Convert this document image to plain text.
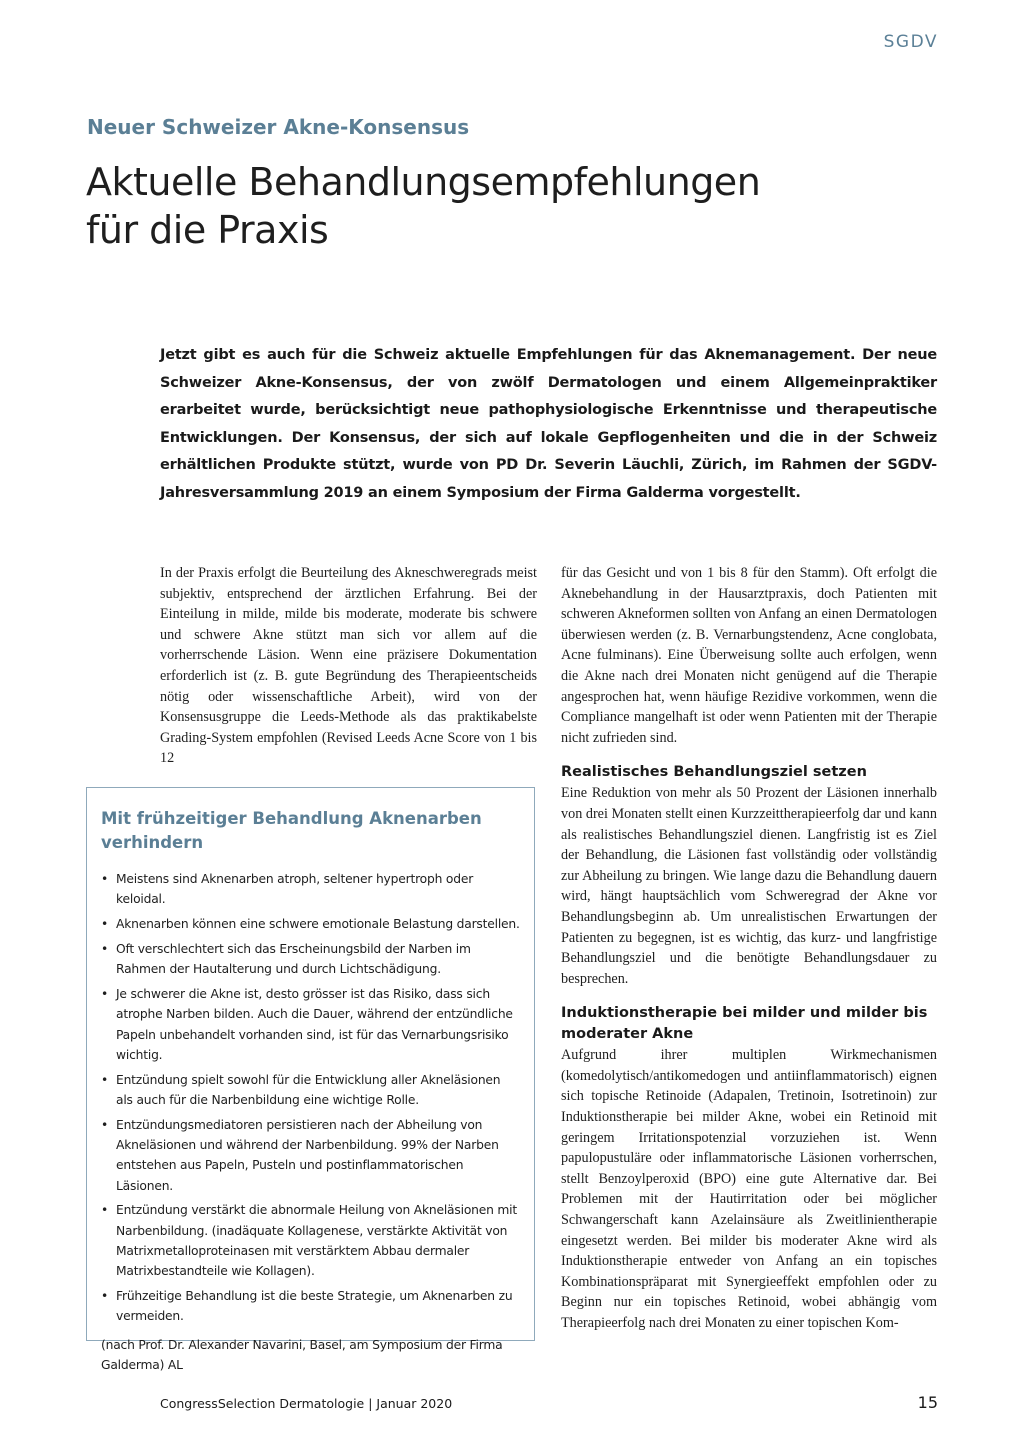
SGDV
Neuer Schweizer Akne-Konsensus
Aktuelle Behandlungsempfehlungen
für die Praxis

Jetzt gibt es auch für die Schweiz aktuelle Empfehlungen für das Aknemanagement. Der neue Schweizer Akne-Konsensus, der von zwölf Dermatologen und einem Allgemeinpraktiker erarbeitet wurde, berücksichtigt neue pathophysiologische Erkenntnisse und therapeutische Entwicklungen. Der Konsensus, der sich auf lokale Gepflogenheiten und die in der Schweiz erhältlichen Produkte stützt, wurde von PD Dr. Severin Läuchli, Zürich, im Rahmen der SGDV-Jahresversammlung 2019 an einem Symposium der Firma Galderma vorgestellt.

In der Praxis erfolgt die Beurteilung des Akneschweregrads meist subjektiv, entsprechend der ärztlichen Erfahrung. Bei der Einteilung in milde, milde bis moderate, moderate bis schwere und schwere Akne stützt man sich vor allem auf die vorherrschende Läsion. Wenn eine präzisere Dokumentation erforderlich ist (z. B. gute Begründung des Therapieentscheids nötig oder wissenschaftliche Arbeit), wird von der Konsensusgruppe die Leeds-Methode als das praktikabelste Grading-System empfohlen (Revised Leeds Acne Score von 1 bis 12

für das Gesicht und von 1 bis 8 für den Stamm). Oft erfolgt die Aknebehandlung in der Hausarztpraxis, doch Patienten mit schweren Akneformen sollten von Anfang an einen Dermatologen überwiesen werden (z. B. Vernarbungstendenz, Acne conglobata, Acne fulminans). Eine Überweisung sollte auch erfolgen, wenn die Akne nach drei Monaten nicht genügend auf die Therapie angesprochen hat, wenn häufige Rezidive vorkommen, wenn die Compliance mangelhaft ist oder wenn Patienten mit der Therapie nicht zufrieden sind.

Realistisches Behandlungsziel setzen

Eine Reduktion von mehr als 50 Prozent der Läsionen innerhalb von drei Monaten stellt einen Kurzzeittherapieerfolg dar und kann als realistisches Behandlungsziel dienen. Langfristig ist es Ziel der Behandlung, die Läsionen fast vollständig oder vollständig zur Abheilung zu bringen. Wie lange dazu die Behandlung dauern wird, hängt hauptsächlich vom Schweregrad der Akne vor Behandlungsbeginn ab. Um unrealistischen Erwartungen der Patienten zu begegnen, ist es wichtig, das kurz- und langfristige Behandlungsziel und die benötigte Behandlungsdauer zu besprechen.

Induktionstherapie bei milder und milder bis moderater Akne

Aufgrund ihrer multiplen Wirkmechanismen (komedolytisch/antikomedogen und antiinflammatorisch) eignen sich topische Retinoide (Adapalen, Tretinoin, Isotretinoin) zur Induktionstherapie bei milder Akne, wobei ein Retinoid mit geringem Irritationspotenzial vorzuziehen ist. Wenn papulopustuläre oder inflammatorische Läsionen vorherrschen, stellt Benzoylperoxid (BPO) eine gute Alternative dar. Bei Problemen mit der Hautirritation oder bei möglicher Schwangerschaft kann Azelainsäure als Zweitlinientherapie eingesetzt werden. Bei milder bis moderater Akne wird als Induktionstherapie entweder von Anfang an ein topisches Kombinationspräparat mit Synergieeffekt empfohlen oder zu Beginn nur ein topisches Retinoid, wobei abhängig vom Therapieerfolg nach drei Monaten zu einer topischen Kom-

Mit frühzeitiger Behandlung Aknenarben verhindern
• Meistens sind Aknenarben atroph, seltener hypertroph oder keloidal.
• Aknenarben können eine schwere emotionale Belastung darstellen.
• Oft verschlechtert sich das Erscheinungsbild der Narben im Rahmen der Hautalterung und durch Lichtschädigung.
• Je schwerer die Akne ist, desto grösser ist das Risiko, dass sich atrophe Narben bilden. Auch die Dauer, während der entzündliche Papeln unbehandelt vorhanden sind, ist für das Vernarbungsrisiko wichtig.
• Entzündung spielt sowohl für die Entwicklung aller Akneläsionen als auch für die Narbenbildung eine wichtige Rolle.
• Entzündungsmediatoren persistieren nach der Abheilung von Akneläsionen und während der Narbenbildung. 99% der Narben entstehen aus Papeln, Pusteln und postinflammatorischen Läsionen.
• Entzündung verstärkt die abnormale Heilung von Akneläsionen mit Narbenbildung. (inadäquate Kollagenese, verstärkte Aktivität von Matrixmetalloproteinasen mit verstärktem Abbau dermaler Matrixbestandteile wie Kollagen).
• Frühzeitige Behandlung ist die beste Strategie, um Aknenarben zu vermeiden.

(nach Prof. Dr. Alexander Navarini, Basel, am Symposium der Firma Galderma) AL

CongressSelection Dermatologie | Januar 2020	15
